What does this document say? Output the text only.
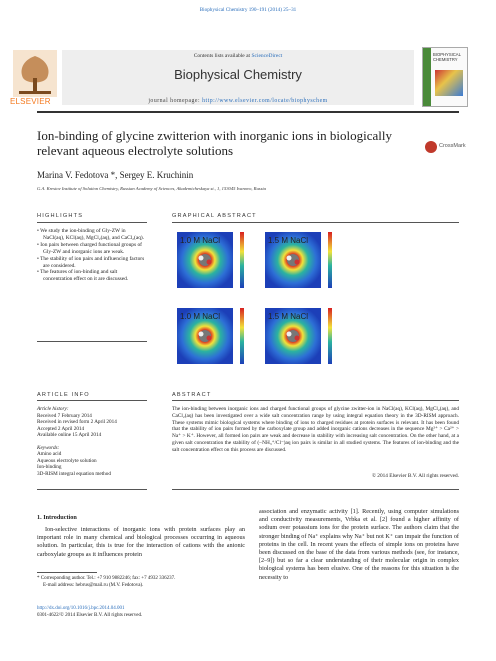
Biophysical Chemistry 190–191 (2014) 25–31
ELSEVIER
Contents lists available at ScienceDirect
Biophysical Chemistry
journal homepage: http://www.elsevier.com/locate/biophyschem
BIOPHYSICAL CHEMISTRY
Ion-binding of glycine zwitterion with inorganic ions in biologically relevant aqueous electrolyte solutions	CrossMark
Marina V. Fedotova *, Sergey E. Kruchinin
G.A. Krestov Institute of Solution Chemistry, Russian Academy of Sciences, Akademicheskaya st., 1, 153045 Ivanovo, Russia
HIGHLIGHTS	GRAPHICAL ABSTRACT
• We study the ion-binding of Gly-ZW in NaCl(aq), KCl(aq), MgCl₂(aq), and CaCl₂(aq).
• Ion pairs between charged functional groups of Gly-ZW and inorganic ions are weak.
• The stability of ion pairs and influencing factors are considered.
• The features of ion-binding and salt concentration effect on it are discussed.
1.0 M NaCl	1.5 M NaCl
1.0 M NaCl	1.5 M NaCl
ARTICLE INFO	ABSTRACT
Article history:
Received 7 February 2014
Received in revised form 2 April 2014
Accepted 2 April 2014
Available online 15 April 2014
Keywords:
Amino acid
Aqueous electrolyte solution
Ion-binding
3D-RISM integral equation method
The ion-binding between inorganic ions and charged functional groups of glycine zwitter-ion in NaCl(aq), KCl(aq), MgCl₂(aq), and CaCl₂(aq) has been investigated over a wide salt concentration range by using integral equation theory in the 3D-RISM approach. These systems mimic biological systems where binding of ions to charged residues at protein surfaces is relevant. It has been found that the stability of ion pairs formed by the carboxylate group and added inorganic cations decreases in the sequence Mg²⁺ > Ca²⁺ > Na⁺ > K⁺. However, all formed ion pairs are weak and decrease in stability with increasing salt concentration. On the other hand, at a given salt concentration the stability of (−NH₃⁺/Cl⁻)aq ion pairs is similar in all studied systems. The features of ion-binding and the salt concentration effect on this process are discussed.
© 2014 Elsevier B.V. All rights reserved.
1. Introduction
Ion-selective interactions of inorganic ions with protein surfaces play an important role in many chemical and biological processes occurring in aqueous solution. In particular, this is true for the interaction of cations with the anionic carboxylate groups as it influences protein
association and enzymatic activity [1]. Recently, using computer simulations and conductivity measurements, Vrbka et al. [2] found a higher affinity of sodium over potassium ions for the protein surface. The authors claim that the stronger binding of Na⁺ explains why Na⁺ but not K⁺ can impair the function of proteins in the cell. In recent years the effects of simple ions on proteins have been discussed on the base of the data from various methods (see, for instance, [2–9]) but so far a clear understanding of their molecular origin in complex biological systems has been elusive. One of the reasons for this situation is the necessity to
* Corresponding author. Tel.: +7 910 9882246; fax: +7 4932 336237.
E-mail address: hebrus@mail.ru (M.V. Fedotova).
http://dx.doi.org/10.1016/j.bpc.2014.04.001
0301-4622/© 2014 Elsevier B.V. All rights reserved.
